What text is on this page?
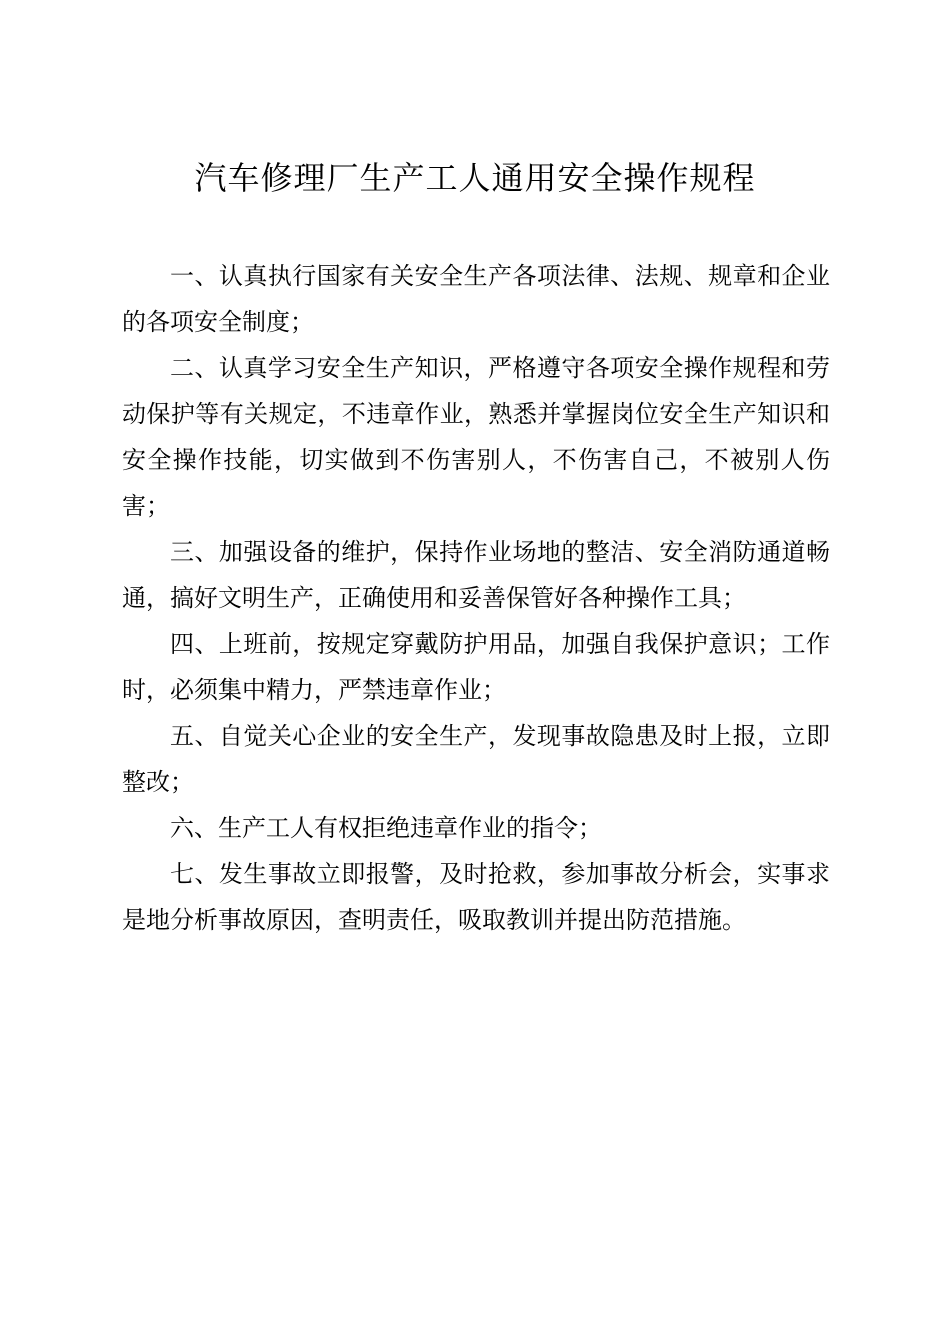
汽车修理厂生产工人通用安全操作规程

一、认真执行国家有关安全生产各项法律、法规、规章和企业的各项安全制度；

二、认真学习安全生产知识，严格遵守各项安全操作规程和劳动保护等有关规定，不违章作业，熟悉并掌握岗位安全生产知识和安全操作技能，切实做到不伤害别人，不伤害自己，不被别人伤害；

三、加强设备的维护，保持作业场地的整洁、安全消防通道畅通，搞好文明生产，正确使用和妥善保管好各种操作工具；

四、上班前，按规定穿戴防护用品，加强自我保护意识；工作时，必须集中精力，严禁违章作业；

五、自觉关心企业的安全生产，发现事故隐患及时上报，立即整改；

六、生产工人有权拒绝违章作业的指令；

七、发生事故立即报警，及时抢救，参加事故分析会，实事求是地分析事故原因，查明责任，吸取教训并提出防范措施。
